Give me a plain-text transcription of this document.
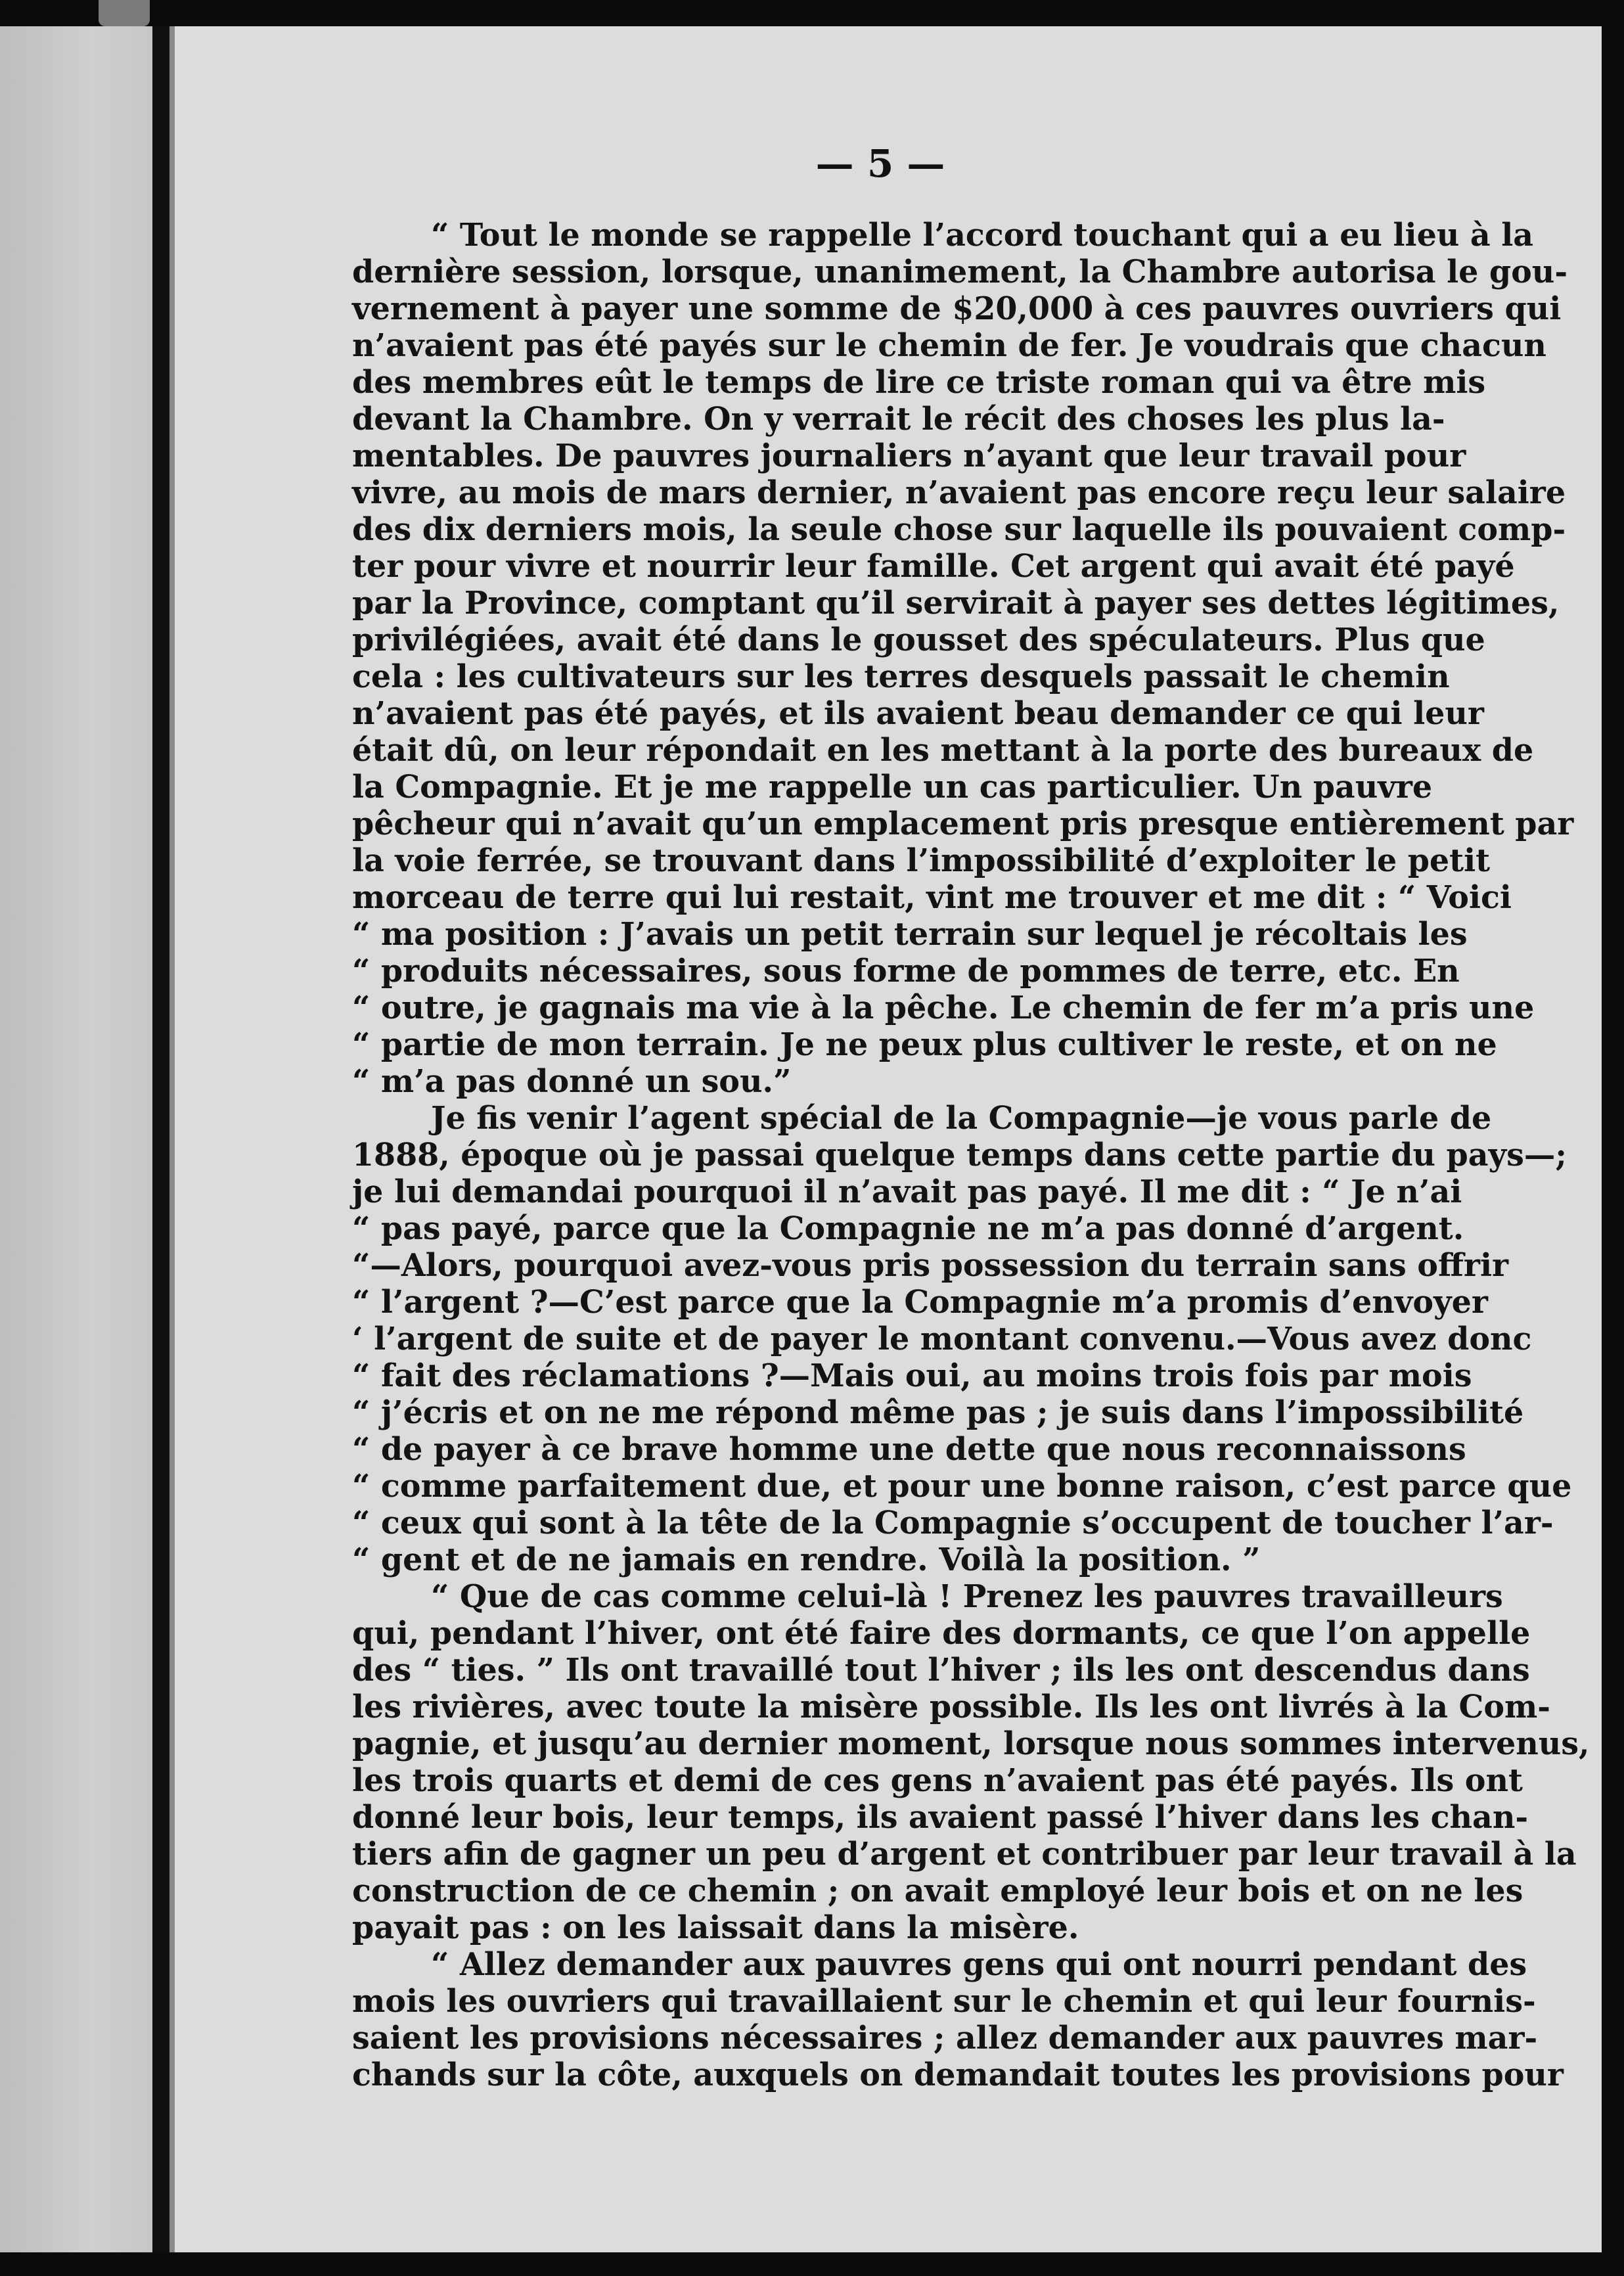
— 5 —
“ Tout le monde se rappelle l’accord touchant qui a eu lieu à la
dernière session, lorsque, unanimement, la Chambre autorisa le gou-
vernement à payer une somme de $20,000 à ces pauvres ouvriers qui
n’avaient pas été payés sur le chemin de fer. Je voudrais que chacun
des membres eût le temps de lire ce triste roman qui va être mis
devant la Chambre. On y verrait le récit des choses les plus la-
mentables. De pauvres journaliers n’ayant que leur travail pour
vivre, au mois de mars dernier, n’avaient pas encore reçu leur salaire
des dix derniers mois, la seule chose sur laquelle ils pouvaient comp-
ter pour vivre et nourrir leur famille. Cet argent qui avait été payé
par la Province, comptant qu’il servirait à payer ses dettes légitimes,
privilégiées, avait été dans le gousset des spéculateurs. Plus que
cela : les cultivateurs sur les terres desquels passait le chemin
n’avaient pas été payés, et ils avaient beau demander ce qui leur
était dû, on leur répondait en les mettant à la porte des bureaux de
la Compagnie. Et je me rappelle un cas particulier. Un pauvre
pêcheur qui n’avait qu’un emplacement pris presque entièrement par
la voie ferrée, se trouvant dans l’impossibilité d’exploiter le petit
morceau de terre qui lui restait, vint me trouver et me dit : “ Voici
“ ma position : J’avais un petit terrain sur lequel je récoltais les
“ produits nécessaires, sous forme de pommes de terre, etc. En
“ outre, je gagnais ma vie à la pêche. Le chemin de fer m’a pris une
“ partie de mon terrain. Je ne peux plus cultiver le reste, et on ne
“ m’a pas donné un sou.”
Je fis venir l’agent spécial de la Compagnie—je vous parle de
1888, époque où je passai quelque temps dans cette partie du pays—;
je lui demandai pourquoi il n’avait pas payé. Il me dit : “ Je n’ai
“ pas payé, parce que la Compagnie ne m’a pas donné d’argent.
“—Alors, pourquoi avez-vous pris possession du terrain sans offrir
“ l’argent ?—C’est parce que la Compagnie m’a promis d’envoyer
‘ l’argent de suite et de payer le montant convenu.—Vous avez donc
“ fait des réclamations ?—Mais oui, au moins trois fois par mois
“ j’écris et on ne me répond même pas ; je suis dans l’impossibilité
“ de payer à ce brave homme une dette que nous reconnaissons
“ comme parfaitement due, et pour une bonne raison, c’est parce que
“ ceux qui sont à la tête de la Compagnie s’occupent de toucher l’ar-
“ gent et de ne jamais en rendre. Voilà la position. ”
“ Que de cas comme celui-là ! Prenez les pauvres travailleurs
qui, pendant l’hiver, ont été faire des dormants, ce que l’on appelle
des “ ties. ” Ils ont travaillé tout l’hiver ; ils les ont descendus dans
les rivières, avec toute la misère possible. Ils les ont livrés à la Com-
pagnie, et jusqu’au dernier moment, lorsque nous sommes intervenus,
les trois quarts et demi de ces gens n’avaient pas été payés. Ils ont
donné leur bois, leur temps, ils avaient passé l’hiver dans les chan-
tiers afin de gagner un peu d’argent et contribuer par leur travail à la
construction de ce chemin ; on avait employé leur bois et on ne les
payait pas : on les laissait dans la misère.
“ Allez demander aux pauvres gens qui ont nourri pendant des
mois les ouvriers qui travaillaient sur le chemin et qui leur fournis-
saient les provisions nécessaires ; allez demander aux pauvres mar-
chands sur la côte, auxquels on demandait toutes les provisions pour
